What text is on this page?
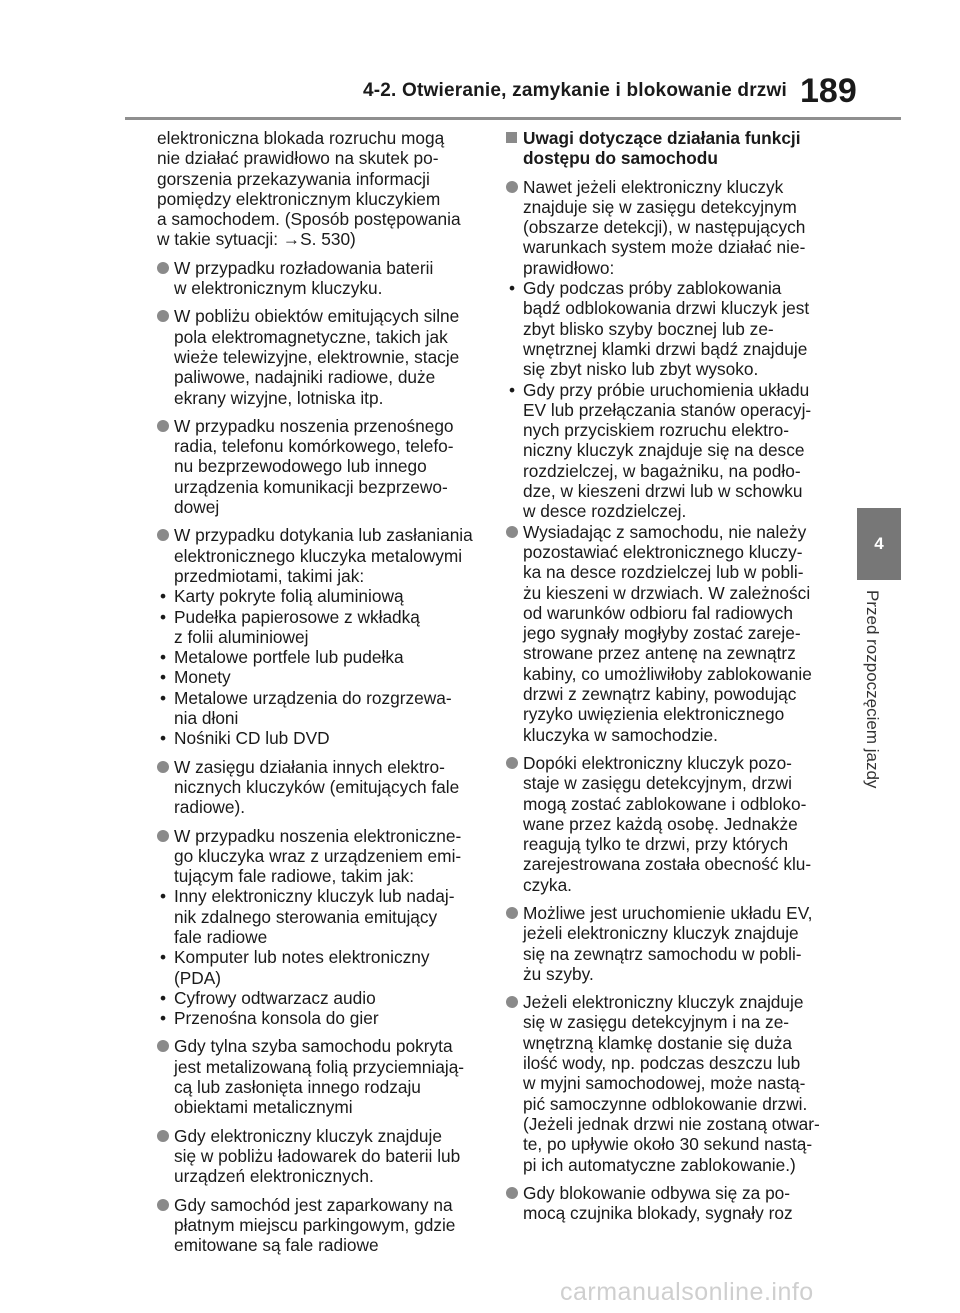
4-2. Otwieranie, zamykanie i blokowanie drzwi 189
4
Przed rozpoczęciem jazdy

elektroniczna blokada rozruchu mogą

nie działać prawidłowo na skutek po-

gorszenia przekazywania informacji

pomiędzy elektronicznym kluczykiem

a samochodem. (Sposób postępowania

w takie sytuacji: →S. 530)

W przypadku rozładowania baterii

w elektronicznym kluczyku.

W pobliżu obiektów emitujących silne

pola elektromagnetyczne, takich jak

wieże telewizyjne, elektrownie, stacje

paliwowe, nadajniki radiowe, duże

ekrany wizyjne, lotniska itp.

W przypadku noszenia przenośnego

radia, telefonu komórkowego, telefo-

nu bezprzewodowego lub innego

urządzenia komunikacji bezprzewo-

dowej

W przypadku dotykania lub zasłaniania

elektronicznego kluczyka metalowymi

przedmiotami, takimi jak:

• Karty pokryte folią aluminiową

• Pudełka papierosowe z wkładką

z folii aluminiowej

• Metalowe portfele lub pudełka

• Monety

• Metalowe urządzenia do rozgrzewa-

nia dłoni

• Nośniki CD lub DVD

W zasięgu działania innych elektro-

nicznych kluczyków (emitujących fale

radiowe).

W przypadku noszenia elektroniczne-

go kluczyka wraz z urządzeniem emi-

tującym fale radiowe, takim jak:

• Inny elektroniczny kluczyk lub nadaj-

nik zdalnego sterowania emitujący

fale radiowe

• Komputer lub notes elektroniczny

(PDA)

• Cyfrowy odtwarzacz audio

• Przenośna konsola do gier

Gdy tylna szyba samochodu pokryta

jest metalizowaną folią przyciemniają-

cą lub zasłonięta innego rodzaju

obiektami metalicznymi

Gdy elektroniczny kluczyk znajduje

się w pobliżu ładowarek do baterii lub

urządzeń elektronicznych.

Gdy samochód jest zaparkowany na

płatnym miejscu parkingowym, gdzie

emitowane są fale radiowe

Uwagi dotyczące działania funkcji

dostępu do samochodu

Nawet jeżeli elektroniczny kluczyk

znajduje się w zasięgu detekcyjnym

(obszarze detekcji), w następujących

warunkach system może działać nie-

prawidłowo:

• Gdy podczas próby zablokowania

bądź odblokowania drzwi kluczyk jest

zbyt blisko szyby bocznej lub ze-

wnętrznej klamki drzwi bądź znajduje

się zbyt nisko lub zbyt wysoko.

• Gdy przy próbie uruchomienia układu

EV lub przełączania stanów operacyj-

nych przyciskiem rozruchu elektro-

niczny kluczyk znajduje się na desce

rozdzielczej, w bagażniku, na podło-

dze, w kieszeni drzwi lub w schowku

w desce rozdzielczej.

Wysiadając z samochodu, nie należy

pozostawiać elektronicznego kluczy-

ka na desce rozdzielczej lub w pobli-

żu kieszeni w drzwiach. W zależności

od warunków odbioru fal radiowych

jego sygnały mogłyby zostać zareje-

strowane przez antenę na zewnątrz

kabiny, co umożliwiłoby zablokowanie

drzwi z zewnątrz kabiny, powodując

ryzyko uwięzienia elektronicznego

kluczyka w samochodzie.

Dopóki elektroniczny kluczyk pozo-

staje w zasięgu detekcyjnym, drzwi

mogą zostać zablokowane i odbloko-

wane przez każdą osobę. Jednakże

reagują tylko te drzwi, przy których

zarejestrowana została obecność klu-

czyka.

Możliwe jest uruchomienie układu EV,

jeżeli elektroniczny kluczyk znajduje

się na zewnątrz samochodu w pobli-

żu szyby.

Jeżeli elektroniczny kluczyk znajduje

się w zasięgu detekcyjnym i na ze-

wnętrzną klamkę dostanie się duża

ilość wody, np. podczas deszczu lub

w myjni samochodowej, może nastą-

pić samoczynne odblokowanie drzwi.

(Jeżeli jednak drzwi nie zostaną otwar-

te, po upływie około 30 sekund nastą-

pi ich automatyczne zablokowanie.)

Gdy blokowanie odbywa się za po-

mocą czujnika blokady, sygnały roz

carmanualsonline.info
